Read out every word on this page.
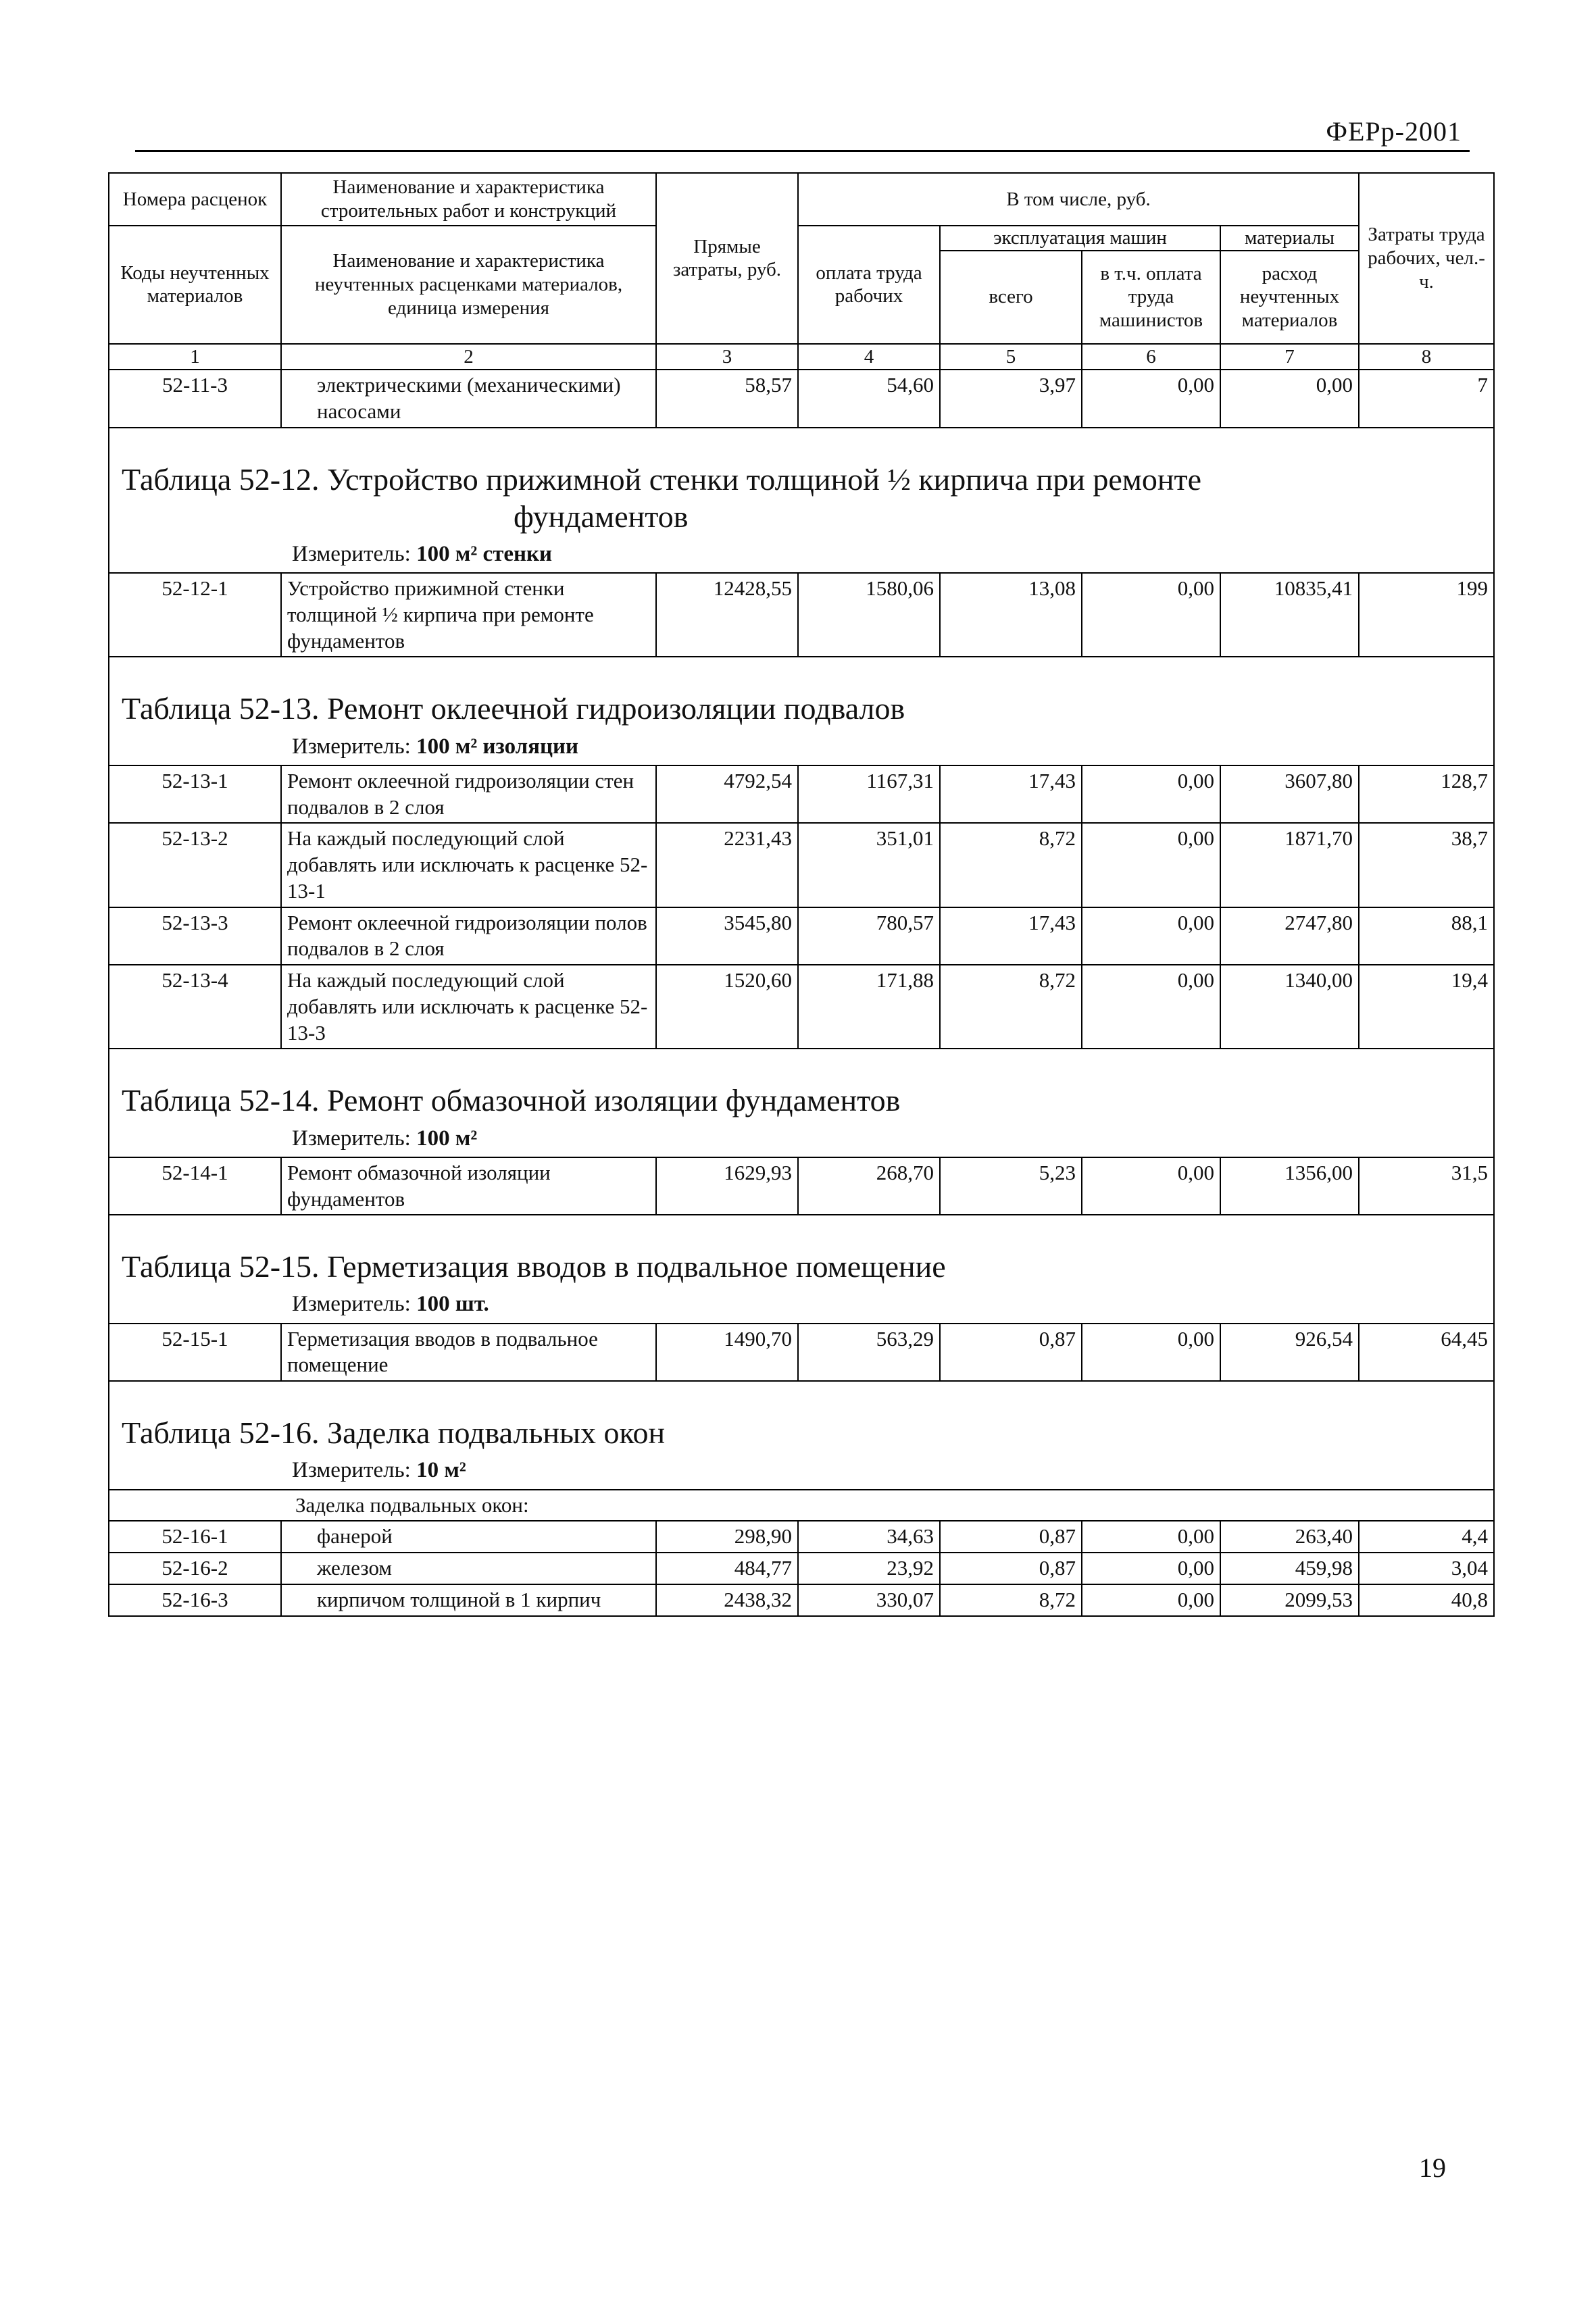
ФЕРр-2001
Номера расценок	Наименование и характеристика строительных работ и конструкций	Прямые затраты, руб.	В том числе, руб.				Затраты труда рабочих, чел.-ч.
Коды неучтенных материалов	Наименование и характеристика неучтенных расценками материалов, единица измерения		оплата труда рабочих	эксплуатация машин		материалы	
				всего	в т.ч. оплата труда машинистов	расход неучтенных материалов	
1	2	3	4	5	6	7	8
52-11-3	электрическими (механическими) насосами	58,57	54,60	3,97	0,00	0,00	7
Таблица 52-12. Устройство прижимной стенки толщиной ½ кирпича при ремонте
фундаментов							

Измеритель: 100 м² стенки							
52-12-1	Устройство прижимной стенки толщиной ½ кирпича при ремонте фундаментов	12428,55	1580,06	13,08	0,00	10835,41	199
Таблица 52-13. Ремонт оклеечной гидроизоляции подвалов							
Измеритель: 100 м² изоляции							
52-13-1	Ремонт оклеечной гидроизоляции стен подвалов в 2 слоя	4792,54	1167,31	17,43	0,00	3607,80	128,7
52-13-2	На каждый последующий слой добавлять или исключать к расценке 52-13-1	2231,43	351,01	8,72	0,00	1871,70	38,7
52-13-3	Ремонт оклеечной гидроизоляции полов подвалов в 2 слоя	3545,80	780,57	17,43	0,00	2747,80	88,1
52-13-4	На каждый последующий слой добавлять или исключать к расценке 52-13-3	1520,60	171,88	8,72	0,00	1340,00	19,4
Таблица 52-14. Ремонт обмазочной изоляции фундаментов							
Измеритель: 100 м²							
52-14-1	Ремонт обмазочной изоляции фундаментов	1629,93	268,70	5,23	0,00	1356,00	31,5
Таблица 52-15. Герметизация вводов в подвальное помещение							
Измеритель: 100 шт.							
52-15-1	Герметизация вводов в подвальное помещение	1490,70	563,29	0,87	0,00	926,54	64,45
Таблица 52-16. Заделка подвальных окон							
Измеритель: 10 м²							
Заделка подвальных окон:							
52-16-1	фанерой	298,90	34,63	0,87	0,00	263,40	4,4
52-16-2	железом	484,77	23,92	0,87	0,00	459,98	3,04
52-16-3	кирпичом толщиной в 1 кирпич	2438,32	330,07	8,72	0,00	2099,53	40,8
19
